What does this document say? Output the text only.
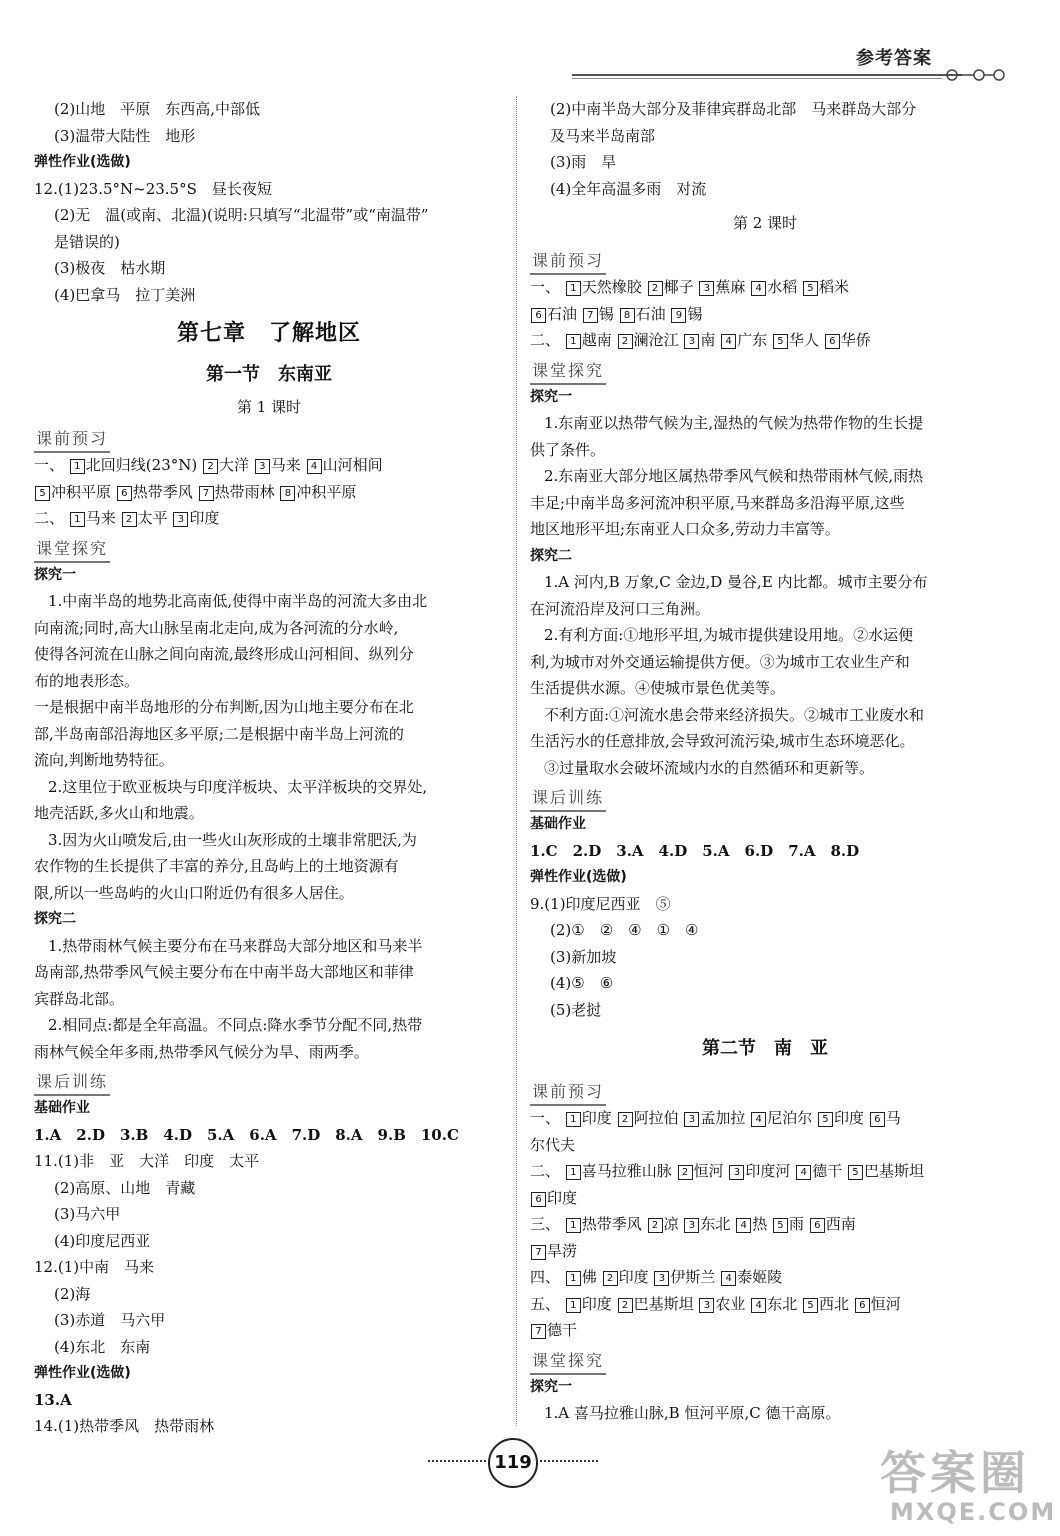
参考答案
(2)山地　平原　东西高,中部低
(3)温带大陆性　地形
弹性作业(选做)
12.(1)23.5°N~23.5°S　昼长夜短
(2)无　温(或南、北温)(说明:只填写“北温带”或“南温带”
是错误的)
(3)极夜　枯水期
(4)巴拿马　拉丁美洲
第七章　了解地区
第一节　东南亚
第 1 课时
课前预习
一、 1 北回归线(23°N) 2 大洋 3 马来 4 山河相间
5 冲积平原 6 热带季风 7 热带雨林 8 冲积平原
二、 1 马来 2 太平 3 印度
课堂探究
探究一
1.中南半岛的地势北高南低,使得中南半岛的河流大多由北
向南流;同时,高大山脉呈南北走向,成为各河流的分水岭,
使得各河流在山脉之间向南流,最终形成山河相间、纵列分
布的地表形态。
一是根据中南半岛地形的分布判断,因为山地主要分布在北
部,半岛南部沿海地区多平原;二是根据中南半岛上河流的
流向,判断地势特征。
2.这里位于欧亚板块与印度洋板块、太平洋板块的交界处,
地壳活跃,多火山和地震。
3.因为火山喷发后,由一些火山灰形成的土壤非常肥沃,为
农作物的生长提供了丰富的养分,且岛屿上的土地资源有
限,所以一些岛屿的火山口附近仍有很多人居住。
探究二
1.热带雨林气候主要分布在马来群岛大部分地区和马来半
岛南部,热带季风气候主要分布在中南半岛大部地区和菲律
宾群岛北部。
2.相同点:都是全年高温。不同点:降水季节分配不同,热带
雨林气候全年多雨,热带季风气候分为旱、雨两季。
课后训练
基础作业
1.A　2.D　3.B　4.D　5.A　6.A　7.D　8.A　9.B　10.C
11.(1)非　亚　大洋　印度　太平
(2)高原、山地　青藏
(3)马六甲
(4)印度尼西亚
12.(1)中南　马来
(2)海
(3)赤道　马六甲
(4)东北　东南
弹性作业(选做)
13.A
14.(1)热带季风　热带雨林
(2)中南半岛大部分及菲律宾群岛北部　马来群岛大部分
及马来半岛南部
(3)雨　旱
(4)全年高温多雨　对流
第 2 课时
课前预习
一、 1 天然橡胶 2 椰子 3 蕉麻 4 水稻 5 稻米
6 石油 7 锡 8 石油 9 锡
二、 1 越南 2 澜沧江 3 南 4 广东 5 华人 6 华侨
课堂探究
探究一
1.东南亚以热带气候为主,湿热的气候为热带作物的生长提
供了条件。
2.东南亚大部分地区属热带季风气候和热带雨林气候,雨热
丰足;中南半岛多河流冲积平原,马来群岛多沿海平原,这些
地区地形平坦;东南亚人口众多,劳动力丰富等。
探究二
1.A 河内,B 万象,C 金边,D 曼谷,E 内比都。城市主要分布
在河流沿岸及河口三角洲。
2.有利方面:①地形平坦,为城市提供建设用地。②水运便
利,为城市对外交通运输提供方便。③为城市工农业生产和
生活提供水源。④使城市景色优美等。
不利方面:①河流水患会带来经济损失。②城市工业废水和
生活污水的任意排放,会导致河流污染,城市生态环境恶化。
③过量取水会破坏流域内水的自然循环和更新等。
课后训练
基础作业
1.C　2.D　3.A　4.D　5.A　6.D　7.A　8.D
弹性作业(选做)
9.(1)印度尼西亚　⑤
(2)①　②　④　①　④
(3)新加坡
(4)⑤　⑥
(5)老挝
第二节　南　亚
课前预习
一、 1 印度 2 阿拉伯 3 孟加拉 4 尼泊尔 5 印度 6 马
尔代夫
二、 1 喜马拉雅山脉 2 恒河 3 印度河 4 德干 5 巴基斯坦
6 印度
三、 1 热带季风 2 凉 3 东北 4 热 5 雨 6 西南
7 旱涝
四、 1 佛 2 印度 3 伊斯兰 4 泰姬陵
五、 1 印度 2 巴基斯坦 3 农业 4 东北 5 西北 6 恒河
7 德干
课堂探究
探究一
1.A 喜马拉雅山脉,B 恒河平原,C 德干高原。
119	答案圈
MXQE.COM
